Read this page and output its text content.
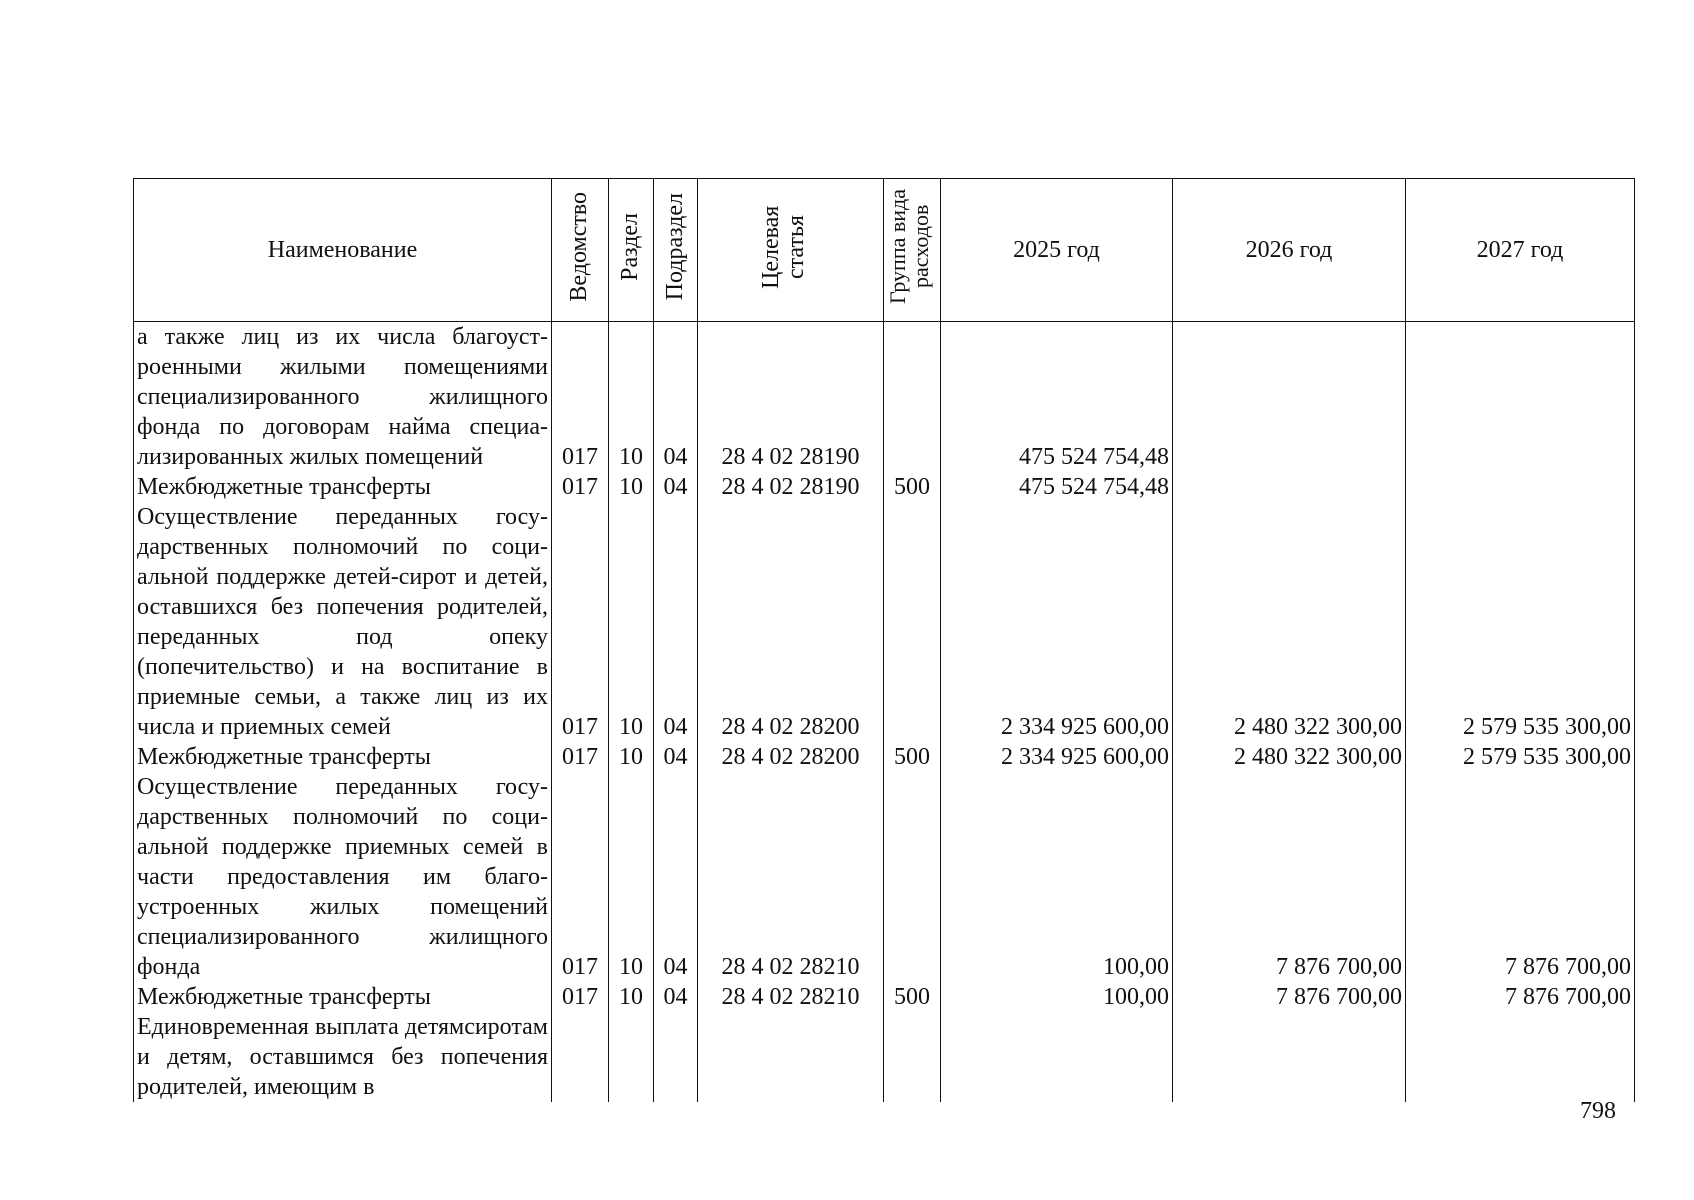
Наименование	Ведомство	Раздел	Подраздел	Целевая статья	Группа вида расходов	2025 год	2026 год	2027 год
а также лиц из их числа благоустроенными жилыми помещениями специализированного жилищного фонда по договорам найма специализированных жилых помещений	017	10	04	28 4 02 28190		475 524 754,48		
Межбюджетные трансферты	017	10	04	28 4 02 28190	500	475 524 754,48		
Осуществление переданных государственных полномочий по социальной поддержке детей-сирот и детей, оставшихся без попечения родителей, переданных под опеку (попечительство) и на воспитание в приемные семьи, а также лиц из их числа и приемных семей	017	10	04	28 4 02 28200		2 334 925 600,00	2 480 322 300,00	2 579 535 300,00
Межбюджетные трансферты	017	10	04	28 4 02 28200	500	2 334 925 600,00	2 480 322 300,00	2 579 535 300,00
Осуществление переданных государственных полномочий по социальной поддержке приемных семей в части предоставления им благоустроенных жилых помещений специализированного жилищного фонда	017	10	04	28 4 02 28210		100,00	7 876 700,00	7 876 700,00
Межбюджетные трансферты	017	10	04	28 4 02 28210	500	100,00	7 876 700,00	7 876 700,00
Единовременная выплата детямсиротам и детям, оставшимся без попечения родителей, имеющим в								
798
